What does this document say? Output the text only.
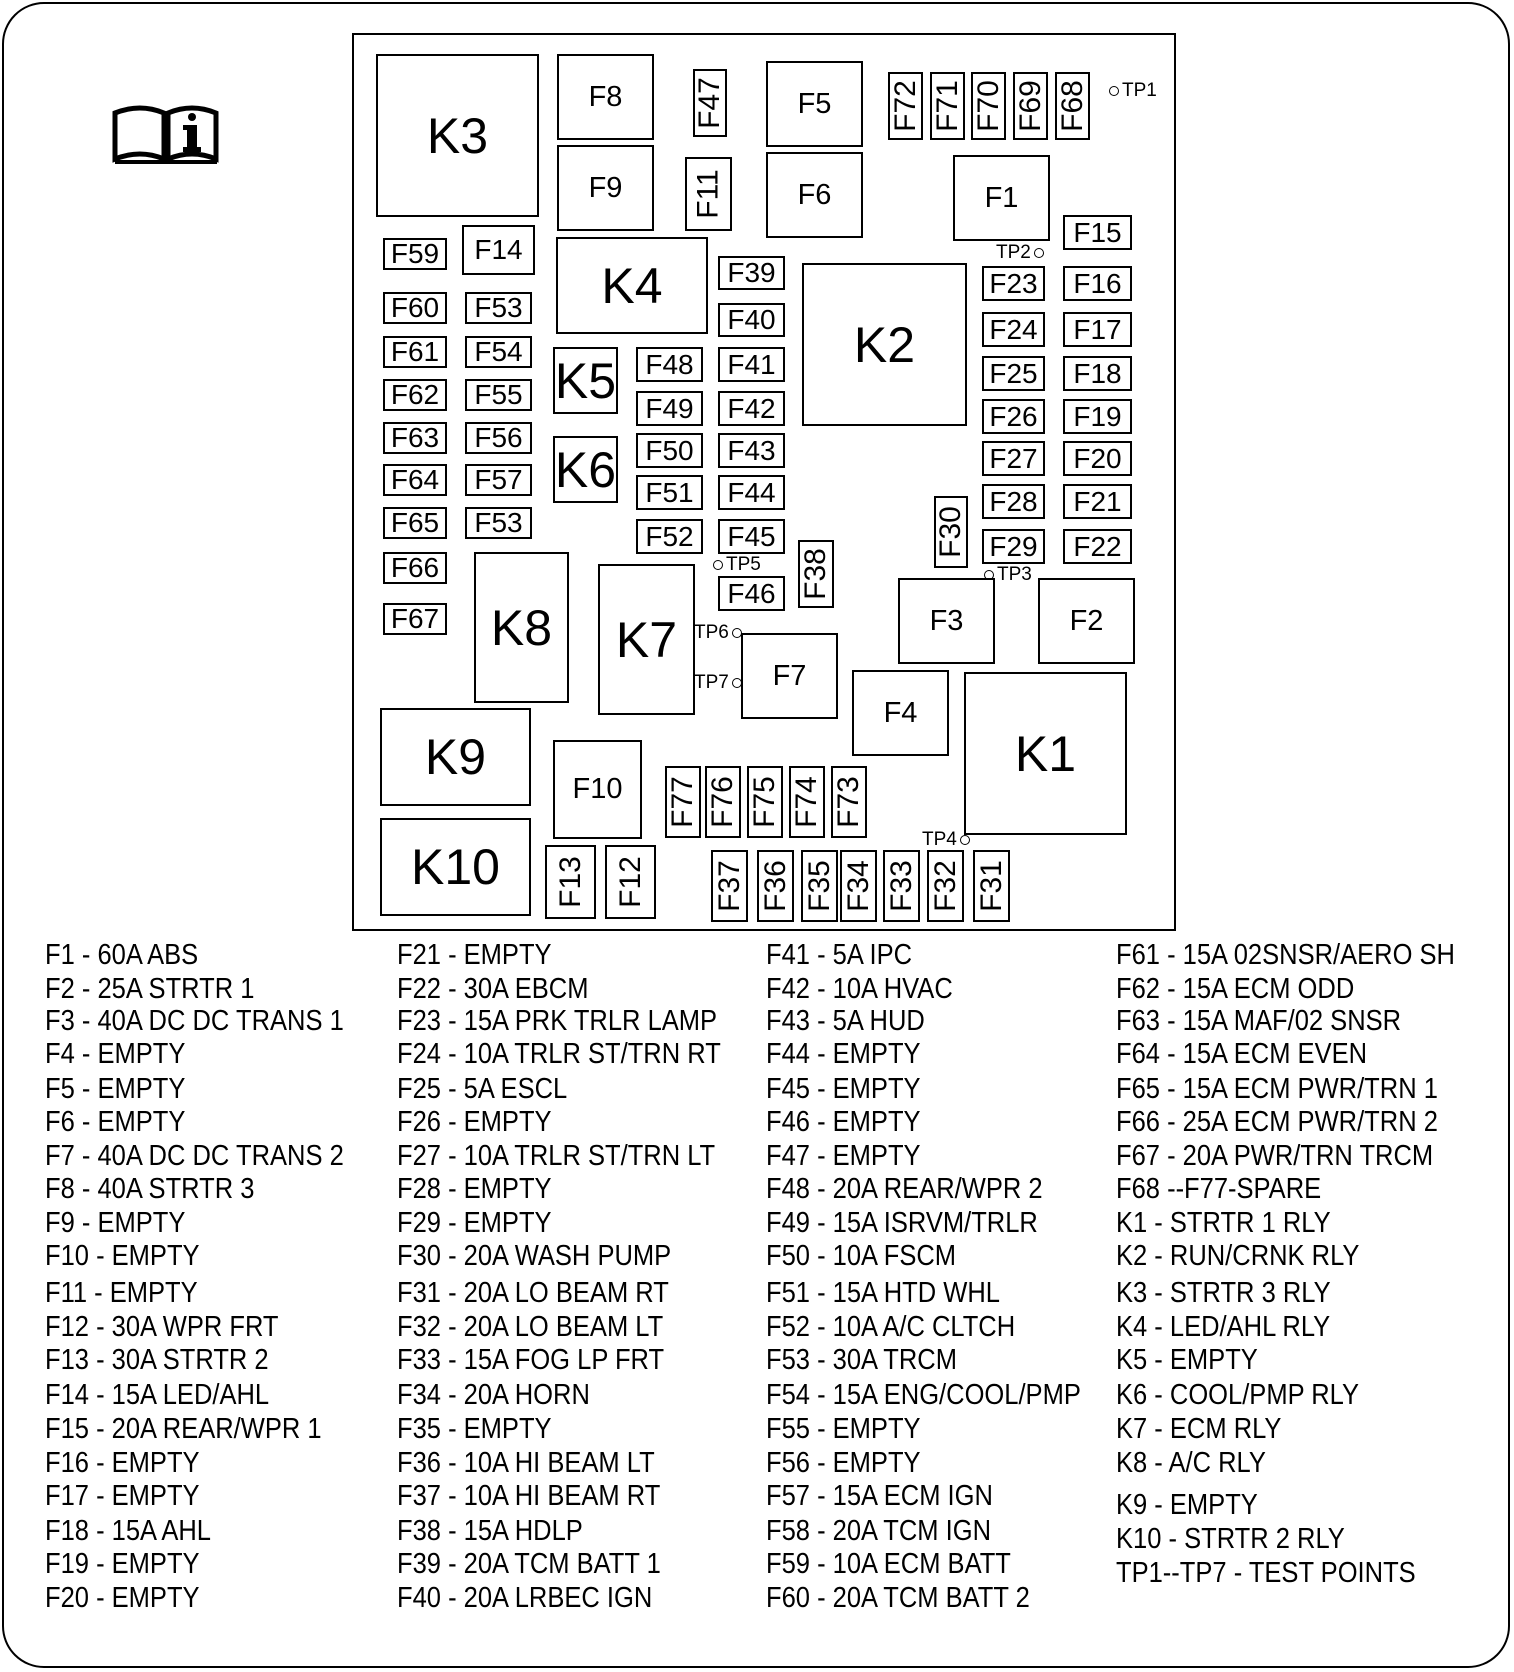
K3
F8	F5
F9	F6	F1
K4
K2
F15
F59 F14
F39	F23 F16
F60 F53	F40	F24 F17
F61 F54
K5 F48 F41	F25 F18
F62 F55	F49 F42	F26 F19
F63 F56
K6 F50 F43	F27 F20
F64 F57	F51 F44	F28 F21
F65 F53	F52 F45	F29 F22
F66
K8 K7
F46
F3	F2
F67
F7
F4
K1
K9
F10
K10
F47	F72 F71 F70 F69 F68
F11
F30
F38
F77 F76 F75 F74 F73
F13 F12 F37 F36 F35 F34 F33 F32 F31
TP1
TP2
TP3
TP4
TP5
TP6
TP7
F1 - 60A ABS
F2 - 25A STRTR 1
F3 - 40A DC DC TRANS 1
F4 - EMPTY
F5 - EMPTY
F6 - EMPTY
F7 - 40A DC DC TRANS 2
F8 - 40A STRTR 3
F9 - EMPTY
F10 - EMPTY
F11 - EMPTY
F12 - 30A WPR FRT
F13 - 30A STRTR 2
F14 - 15A LED/AHL
F15 - 20A REAR/WPR 1
F16 - EMPTY
F17 - EMPTY
F18 - 15A AHL
F19 - EMPTY
F20 - EMPTY
F21 - EMPTY
F22 - 30A EBCM
F23 - 15A PRK TRLR LAMP
F24 - 10A TRLR ST/TRN RT
F25 - 5A ESCL
F26 - EMPTY
F27 - 10A TRLR ST/TRN LT
F28 - EMPTY
F29 - EMPTY
F30 - 20A WASH PUMP
F31 - 20A LO BEAM RT
F32 - 20A LO BEAM LT
F33 - 15A FOG LP FRT
F34 - 20A HORN
F35 - EMPTY
F36 - 10A HI BEAM LT
F37 - 10A HI BEAM RT
F38 - 15A HDLP
F39 - 20A TCM BATT 1
F40 - 20A LRBEC IGN
F41 - 5A IPC
F42 - 10A HVAC
F43 - 5A HUD
F44 - EMPTY
F45 - EMPTY
F46 - EMPTY
F47 - EMPTY
F48 - 20A REAR/WPR 2
F49 - 15A ISRVM/TRLR
F50 - 10A FSCM
F51 - 15A HTD WHL
F52 - 10A A/C CLTCH
F53 - 30A TRCM
F54 - 15A ENG/COOL/PMP
F55 - EMPTY
F56 - EMPTY
F57 - 15A ECM IGN
F58 - 20A TCM IGN
F59 - 10A ECM BATT
F60 - 20A TCM BATT 2
F61 - 15A 02SNSR/AERO SH
F62 - 15A ECM ODD
F63 - 15A MAF/02 SNSR
F64 - 15A ECM EVEN
F65 - 15A ECM PWR/TRN 1
F66 - 25A ECM PWR/TRN 2
F67 - 20A PWR/TRN TRCM
F68 --F77-SPARE
K1 - STRTR 1 RLY
K2 - RUN/CRNK RLY
K3 - STRTR 3 RLY
K4 - LED/AHL RLY
K5 - EMPTY
K6 - COOL/PMP RLY
K7 - ECM RLY
K8 - A/C RLY
K9 - EMPTY
K10 - STRTR 2 RLY
TP1--TP7 - TEST POINTS
